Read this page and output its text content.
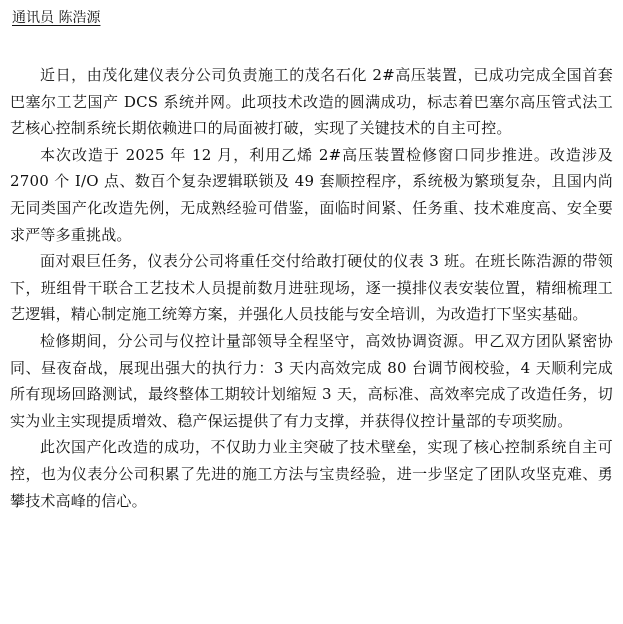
通讯员 陈浩源

近日，由茂化建仪表分公司负责施工的茂名石化 2#高压装置，已成功完成全国首套巴塞尔工艺国产 DCS 系统并网。此项技术改造的圆满成功，标志着巴塞尔高压管式法工艺核心控制系统长期依赖进口的局面被打破，实现了关键技术的自主可控。

本次改造于 2025 年 12 月，利用乙烯 2#高压装置检修窗口同步推进。改造涉及 2700 个 I/O 点、数百个复杂逻辑联锁及 49 套顺控程序，系统极为繁琐复杂，且国内尚无同类国产化改造先例，无成熟经验可借鉴，面临时间紧、任务重、技术难度高、安全要求严等多重挑战。

面对艰巨任务，仪表分公司将重任交付给敢打硬仗的仪表 3 班。在班长陈浩源的带领下，班组骨干联合工艺技术人员提前数月进驻现场，逐一摸排仪表安装位置，精细梳理工艺逻辑，精心制定施工统筹方案，并强化人员技能与安全培训，为改造打下坚实基础。

检修期间，分公司与仪控计量部领导全程坚守，高效协调资源。甲乙双方团队紧密协同、昼夜奋战，展现出强大的执行力：3 天内高效完成 80 台调节阀校验，4 天顺利完成所有现场回路测试，最终整体工期较计划缩短 3 天，高标准、高效率完成了改造任务，切实为业主实现提质增效、稳产保运提供了有力支撑，并获得仪控计量部的专项奖励。

此次国产化改造的成功，不仅助力业主突破了技术壁垒，实现了核心控制系统自主可控，也为仪表分公司积累了先进的施工方法与宝贵经验，进一步坚定了团队攻坚克难、勇攀技术高峰的信心。
